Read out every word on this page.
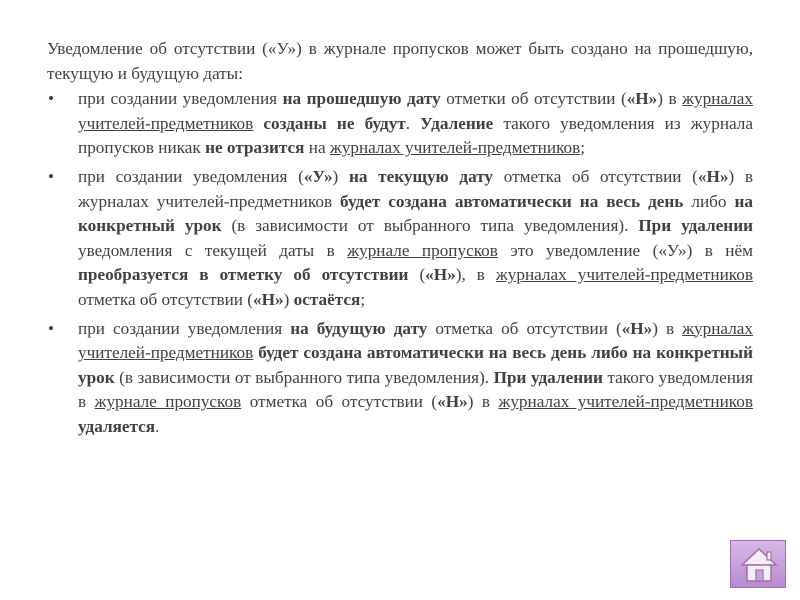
Уведомление об отсутствии («У») в журнале пропусков может быть создано на прошедшую, текущую и будущую даты:

• при создании уведомления на прошедшую дату отметки об отсутствии («Н») в журналах учителей-предметников созданы не будут. Удаление такого уведомления из журнала пропусков никак не отразится на журналах учителей-предметников;
• при создании уведомления («У») на текущую дату отметка об отсутствии («Н») в журналах учителей-предметников будет создана автоматически на весь день либо на конкретный урок (в зависимости от выбранного типа уведомления). При удалении уведомления с текущей даты в журнале пропусков это уведомление («У») в нём преобразуется в отметку об отсутствии («Н»), в журналах учителей-предметников отметка об отсутствии («Н») остаётся;
• при создании уведомления на будущую дату отметка об отсутствии («Н») в журналах учителей-предметников будет создана автоматически на весь день либо на конкретный урок (в зависимости от выбранного типа уведомления). При удалении такого уведомления в журнале пропусков отметка об отсутствии («Н») в журналах учителей-предметников удаляется.
